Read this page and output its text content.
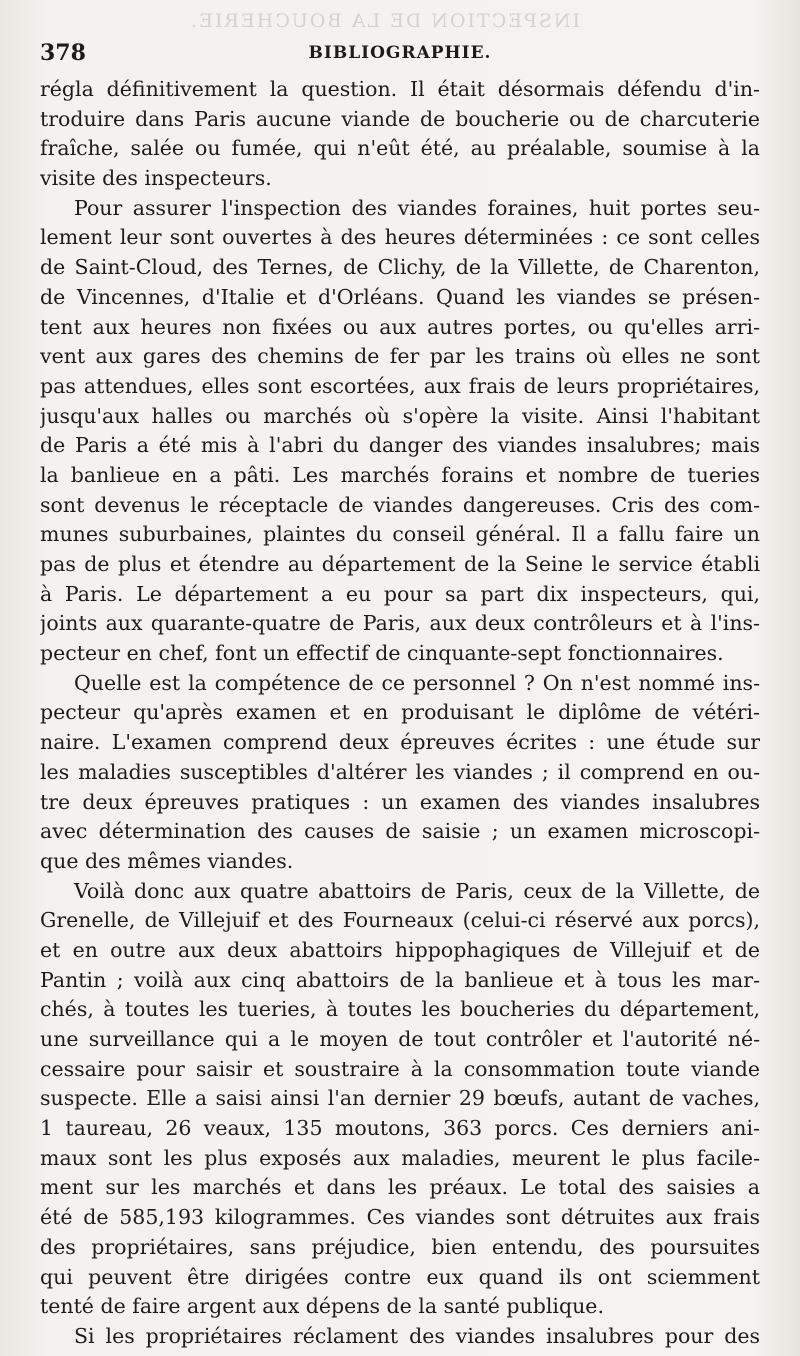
INSPECTION DE LA BOUCHERIE.
378	BIBLIOGRAPHIE.
régla définitivement la question. Il était désormais défendu d'in-
troduire dans Paris aucune viande de boucherie ou de charcuterie
fraîche, salée ou fumée, qui n'eût été, au préalable, soumise à la
visite des inspecteurs.
Pour assurer l'inspection des viandes foraines, huit portes seu-
lement leur sont ouvertes à des heures déterminées : ce sont celles
de Saint-Cloud, des Ternes, de Clichy, de la Villette, de Charenton,
de Vincennes, d'Italie et d'Orléans. Quand les viandes se présen-
tent aux heures non fixées ou aux autres portes, ou qu'elles arri-
vent aux gares des chemins de fer par les trains où elles ne sont
pas attendues, elles sont escortées, aux frais de leurs propriétaires,
jusqu'aux halles ou marchés où s'opère la visite. Ainsi l'habitant
de Paris a été mis à l'abri du danger des viandes insalubres; mais
la banlieue en a pâti. Les marchés forains et nombre de tueries
sont devenus le réceptacle de viandes dangereuses. Cris des com-
munes suburbaines, plaintes du conseil général. Il a fallu faire un
pas de plus et étendre au département de la Seine le service établi
à Paris. Le département a eu pour sa part dix inspecteurs, qui,
joints aux quarante-quatre de Paris, aux deux contrôleurs et à l'ins-
pecteur en chef, font un effectif de cinquante-sept fonctionnaires.
Quelle est la compétence de ce personnel ? On n'est nommé ins-
pecteur qu'après examen et en produisant le diplôme de vétéri-
naire. L'examen comprend deux épreuves écrites : une étude sur
les maladies susceptibles d'altérer les viandes ; il comprend en ou-
tre deux épreuves pratiques : un examen des viandes insalubres
avec détermination des causes de saisie ; un examen microscopi-
que des mêmes viandes.
Voilà donc aux quatre abattoirs de Paris, ceux de la Villette, de
Grenelle, de Villejuif et des Fourneaux (celui-ci réservé aux porcs),
et en outre aux deux abattoirs hippophagiques de Villejuif et de
Pantin ; voilà aux cinq abattoirs de la banlieue et à tous les mar-
chés, à toutes les tueries, à toutes les boucheries du département,
une surveillance qui a le moyen de tout contrôler et l'autorité né-
cessaire pour saisir et soustraire à la consommation toute viande
suspecte. Elle a saisi ainsi l'an dernier 29 bœufs, autant de vaches,
1 taureau, 26 veaux, 135 moutons, 363 porcs. Ces derniers ani-
maux sont les plus exposés aux maladies, meurent le plus facile-
ment sur les marchés et dans les préaux. Le total des saisies a
été de 585,193 kilogrammes. Ces viandes sont détruites aux frais
des propriétaires, sans préjudice, bien entendu, des poursuites
qui peuvent être dirigées contre eux quand ils ont sciemment
tenté de faire argent aux dépens de la santé publique.
Si les propriétaires réclament des viandes insalubres pour des
